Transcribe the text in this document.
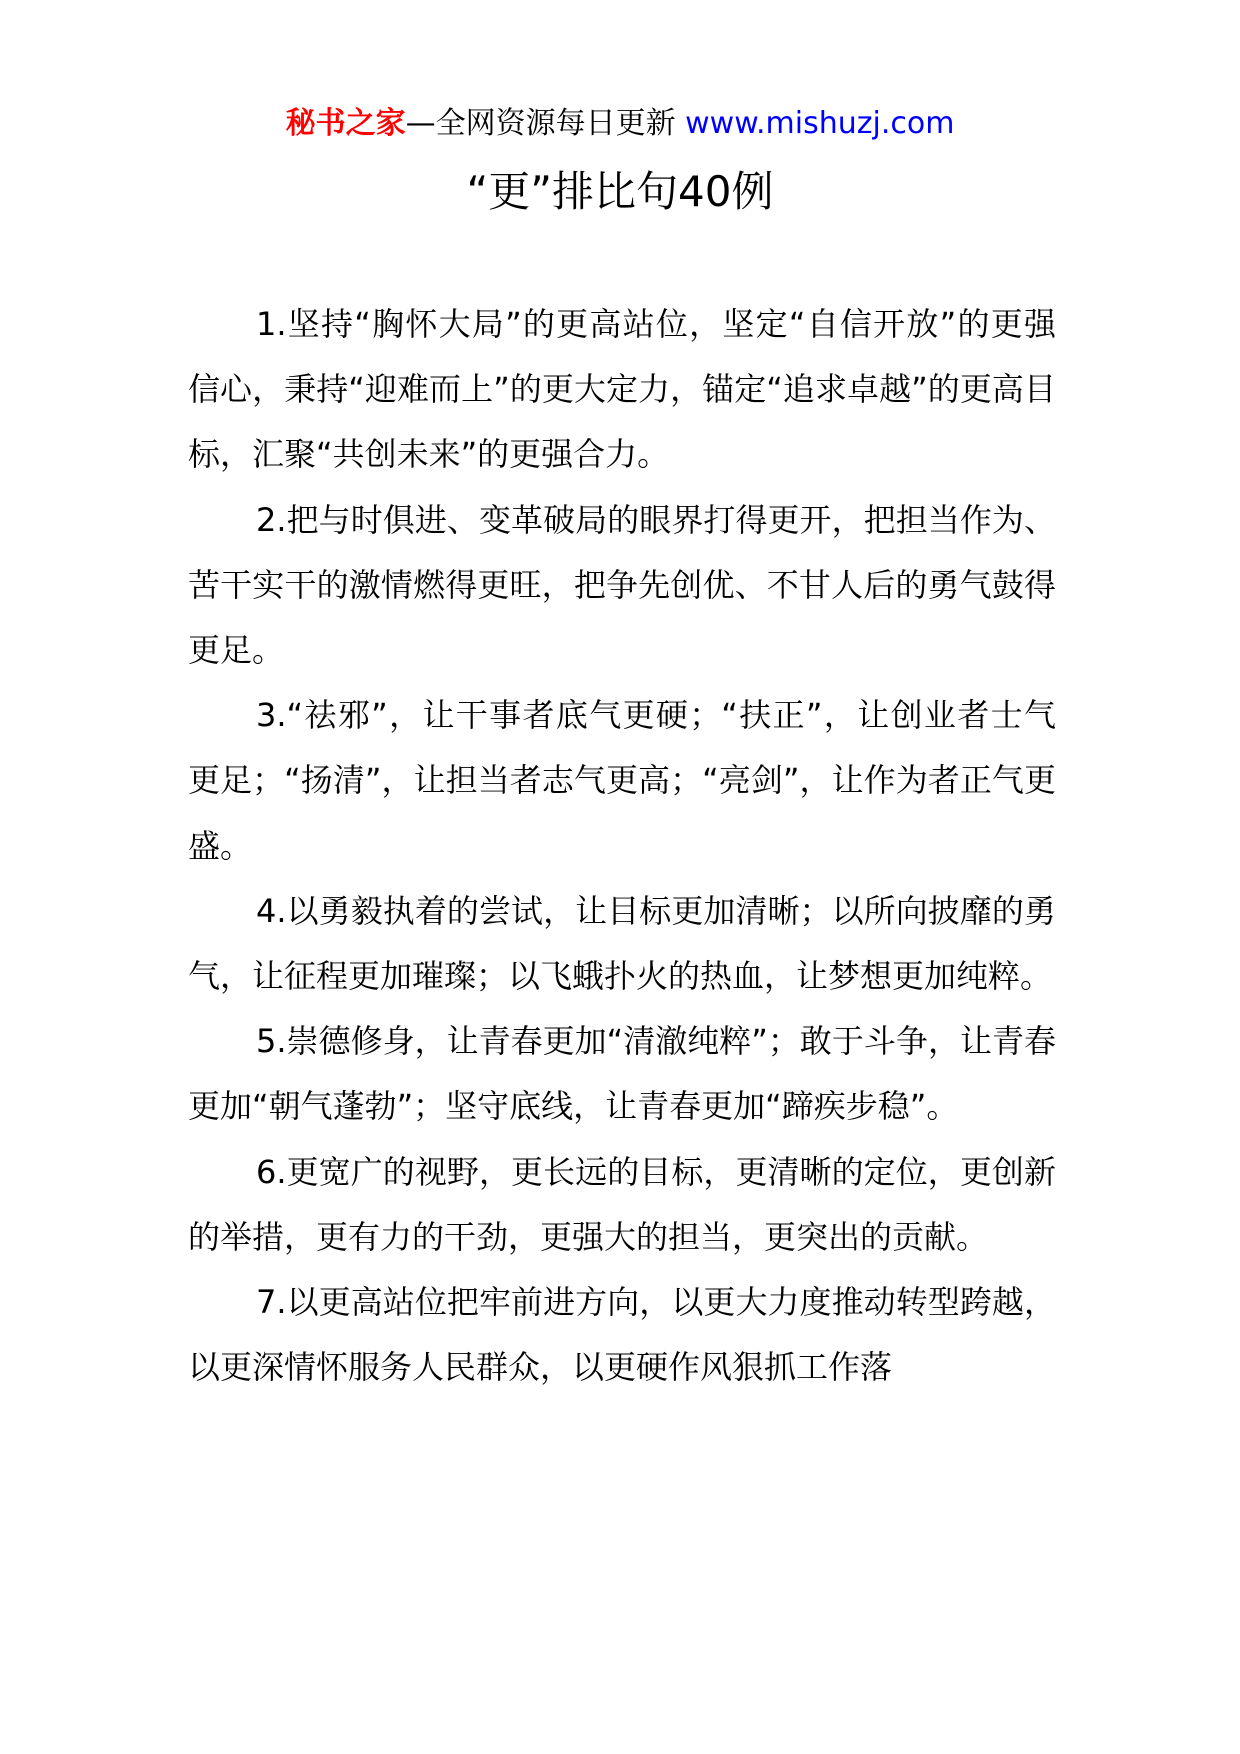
秘书之家—全网资源每日更新 www.mishuzj.com
“更”排比句40例

1.坚持“胸怀大局”的更高站位，坚定“自信开放”的更强信心，秉持“迎难而上”的更大定力，锚定“追求卓越”的更高目标，汇聚“共创未来”的更强合力。

2.把与时俱进、变革破局的眼界打得更开，把担当作为、苦干实干的激情燃得更旺，把争先创优、不甘人后的勇气鼓得更足。

3.“祛邪”，让干事者底气更硬；“扶正”，让创业者士气更足；“扬清”，让担当者志气更高；“亮剑”，让作为者正气更盛。

4.以勇毅执着的尝试，让目标更加清晰；以所向披靡的勇气，让征程更加璀璨；以飞蛾扑火的热血，让梦想更加纯粹。

5.崇德修身，让青春更加“清澈纯粹”；敢于斗争，让青春更加“朝气蓬勃”；坚守底线，让青春更加“蹄疾步稳”。

6.更宽广的视野，更长远的目标，更清晰的定位，更创新的举措，更有力的干劲，更强大的担当，更突出的贡献。

7.以更高站位把牢前进方向，以更大力度推动转型跨越，以更深情怀服务人民群众，以更硬作风狠抓工作落
